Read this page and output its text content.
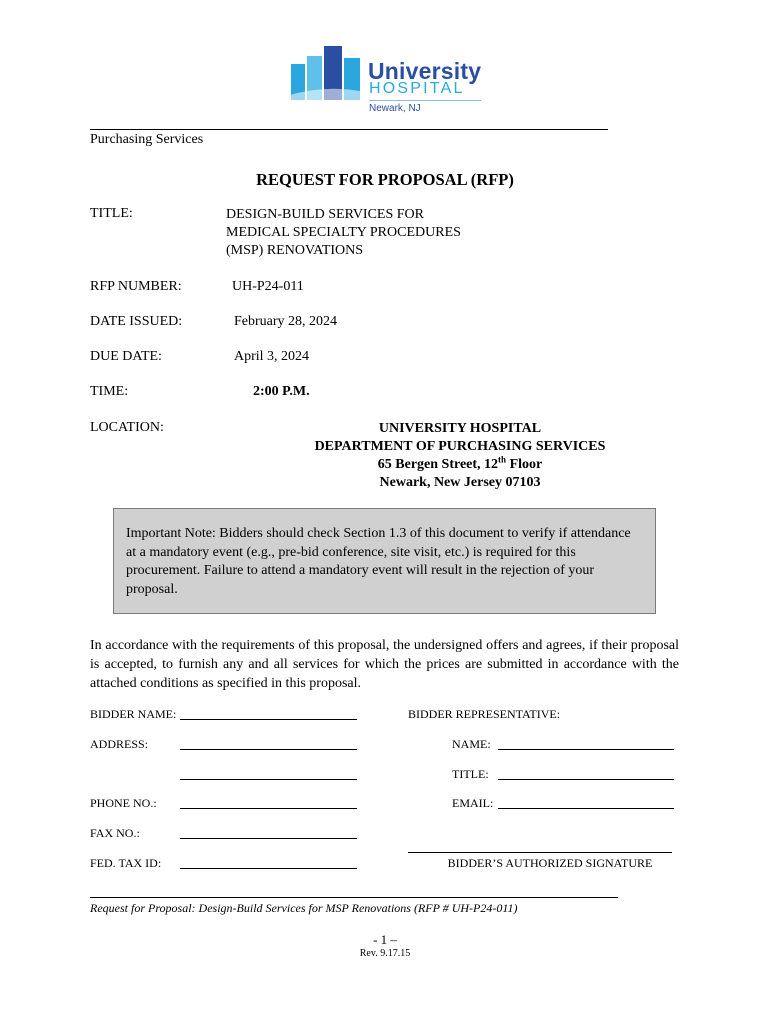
University
HOSPITAL
Newark, NJ
Purchasing Services
REQUEST FOR PROPOSAL (RFP)
TITLE:	DESIGN-BUILD SERVICES FOR
MEDICAL SPECIALTY PROCEDURES
(MSP) RENOVATIONS
RFP NUMBER:	UH-P24-011
DATE ISSUED:	February 28, 2024
DUE DATE:	April 3, 2024
TIME:	2:00 P.M.
LOCATION:	UNIVERSITY HOSPITAL
DEPARTMENT OF PURCHASING SERVICES
65 Bergen Street, 12th Floor
Newark, New Jersey 07103
Important Note: Bidders should check Section 1.3 of this document to verify if attendance at a mandatory event (e.g., pre-bid conference, site visit, etc.) is required for this procurement. Failure to attend a mandatory event will result in the rejection of your proposal.
In accordance with the requirements of this proposal, the undersigned offers and agrees, if their proposal is accepted, to furnish any and all services for which the prices are submitted in accordance with the attached conditions as specified in this proposal.
BIDDER NAME:	BIDDER REPRESENTATIVE:
ADDRESS:	NAME:
TITLE:
PHONE NO.:	EMAIL:
FAX NO.:
FED. TAX ID:	BIDDER’S AUTHORIZED SIGNATURE
Request for Proposal: Design-Build Services for MSP Renovations (RFP # UH-P24-011)
- 1 –
Rev. 9.17.15
